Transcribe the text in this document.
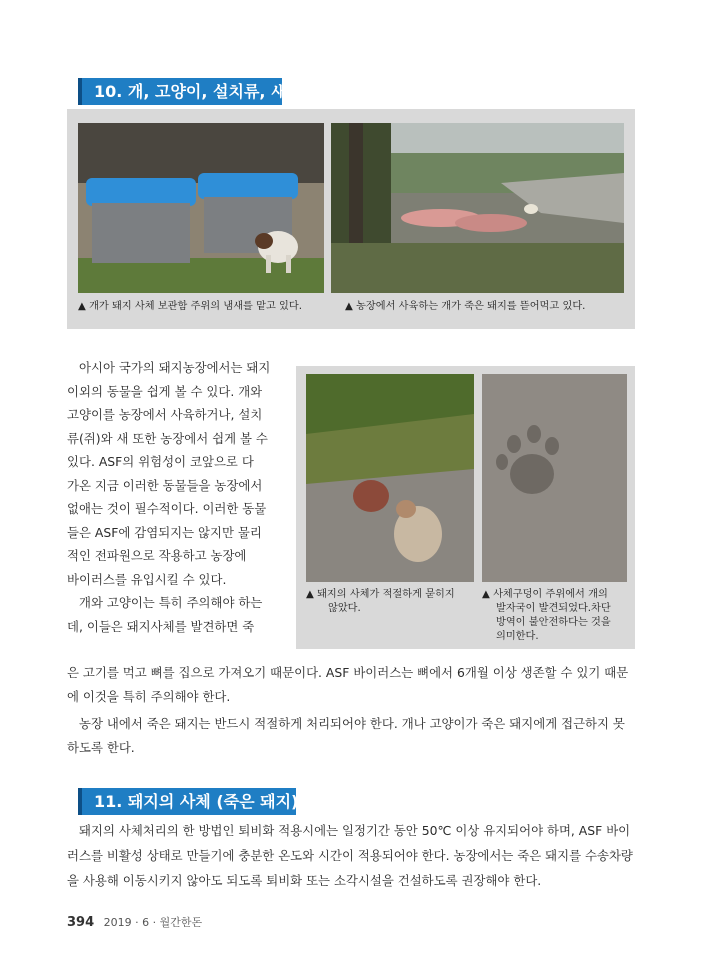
10. 개, 고양이, 설치류, 새
▲ 개가 돼지 사체 보관함 주위의 냄새를 맡고 있다.	▲ 농장에서 사육하는 개가 죽은 돼지를 뜯어먹고 있다.
▲ 돼지의 사체가 적절하게 묻히지
않았다.
▲ 사체구덩이 주위에서 개의
발자국이 발견되었다.차단
방역이 불안전하다는 것을
의미한다.
아시아 국가의 돼지농장에서는 돼지
이외의 동물을 쉽게 볼 수 있다. 개와
고양이를 농장에서 사육하거나, 설치
류(쥐)와 새 또한 농장에서 쉽게 볼 수
있다. ASF의 위험성이 코앞으로 다
가온 지금 이러한 동물들을 농장에서
없애는 것이 필수적이다. 이러한 동물
들은 ASF에 감염되지는 않지만 물리
적인 전파원으로 작용하고 농장에
바이러스를 유입시킬 수 있다.
개와 고양이는 특히 주의해야 하는
데, 이들은 돼지사체를 발견하면 죽
은 고기를 먹고 뼈를 집으로 가져오기 때문이다. ASF 바이러스는 뼈에서 6개월 이상 생존할 수 있기 때문
에 이것을 특히 주의해야 한다.
농장 내에서 죽은 돼지는 반드시 적절하게 처리되어야 한다. 개나 고양이가 죽은 돼지에게 접근하지 못
하도록 한다.
11. 돼지의 사체 (죽은 돼지)
돼지의 사체처리의 한 방법인 퇴비화 적용시에는 일정기간 동안 50℃ 이상 유지되어야 하며, ASF 바이
러스를 비활성 상태로 만들기에 충분한 온도와 시간이 적용되어야 한다. 농장에서는 죽은 돼지를 수송차량
을 사용해 이동시키지 않아도 되도록 퇴비화 또는 소각시설을 건설하도록 권장해야 한다.
394 2019 · 6 · 월간한돈
